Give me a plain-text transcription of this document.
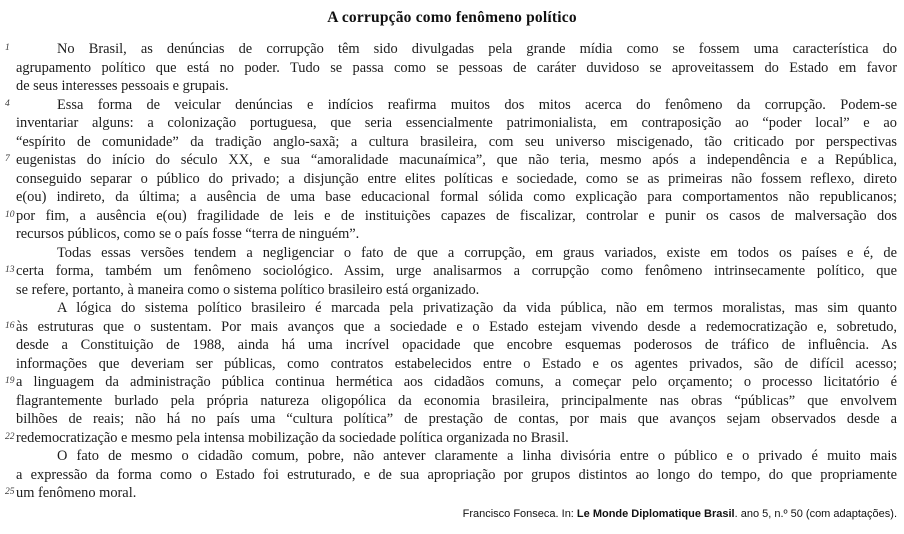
A corrupção como fenômeno político
1	No Brasil, as denúncias de corrupção têm sido divulgadas pela grande mídia como se fossem uma característica do
agrupamento político que está no poder. Tudo se passa como se pessoas de caráter duvidoso se aproveitassem do Estado em favor
de seus interesses pessoais e grupais.
4	Essa forma de veicular denúncias e indícios reafirma muitos dos mitos acerca do fenômeno da corrupção. Podem-se
inventariar alguns: a colonização portuguesa, que seria essencialmente patrimonialista, em contraposição ao “poder local” e ao
“espírito de comunidade” da tradição anglo-saxã; a cultura brasileira, com seu universo miscigenado, tão criticado por perspectivas
7 eugenistas do início do século XX, e sua “amoralidade macunaímica”, que não teria, mesmo após a independência e a República,
conseguido separar o público do privado; a disjunção entre elites políticas e sociedade, como se as primeiras não fossem reflexo, direto
e(ou) indireto, da última; a ausência de uma base educacional formal sólida como explicação para comportamentos não republicanos;
10 por fim, a ausência e(ou) fragilidade de leis e de instituições capazes de fiscalizar, controlar e punir os casos de malversação dos
recursos públicos, como se o país fosse “terra de ninguém”.
Todas essas versões tendem a negligenciar o fato de que a corrupção, em graus variados, existe em todos os países e é, de
13 certa forma, também um fenômeno sociológico. Assim, urge analisarmos a corrupção como fenômeno intrinsecamente político, que
se refere, portanto, à maneira como o sistema político brasileiro está organizado.
A lógica do sistema político brasileiro é marcada pela privatização da vida pública, não em termos moralistas, mas sim quanto
16 às estruturas que o sustentam. Por mais avanços que a sociedade e o Estado estejam vivendo desde a redemocratização e, sobretudo,
desde a Constituição de 1988, ainda há uma incrível opacidade que encobre esquemas poderosos de tráfico de influência. As
informações que deveriam ser públicas, como contratos estabelecidos entre o Estado e os agentes privados, são de difícil acesso;
19 a linguagem da administração pública continua hermética aos cidadãos comuns, a começar pelo orçamento; o processo licitatório é
flagrantemente burlado pela própria natureza oligopólica da economia brasileira, principalmente nas obras “públicas” que envolvem
bilhões de reais; não há no país uma “cultura política” de prestação de contas, por mais que avanços sejam observados desde a
22 redemocratização e mesmo pela intensa mobilização da sociedade política organizada no Brasil.
O fato de mesmo o cidadão comum, pobre, não antever claramente a linha divisória entre o público e o privado é muito mais
a expressão da forma como o Estado foi estruturado, e de sua apropriação por grupos distintos ao longo do tempo, do que propriamente
25 um fenômeno moral.
Francisco Fonseca. In: Le Monde Diplomatique Brasil. ano 5, n.º 50 (com adaptações).
